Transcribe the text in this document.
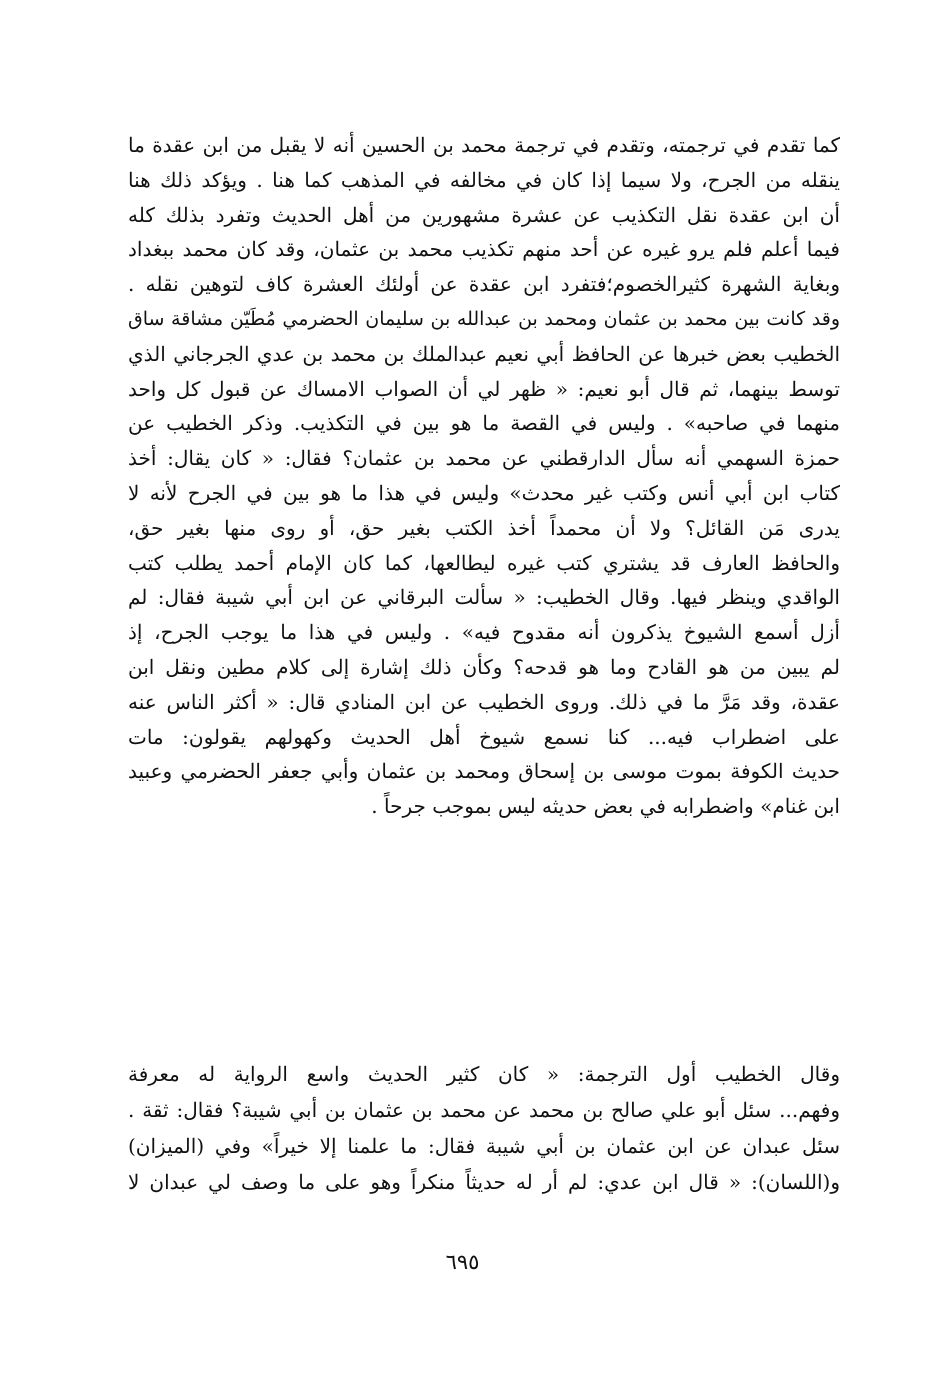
كما تقدم في ترجمته، وتقدم في ترجمة محمد بن الحسين أنه لا يقبل من ابن عقدة ما
ينقله من الجرح، ولا سيما إذا كان في مخالفه في المذهب كما هنا . ويؤكد ذلك هنا
أن ابن عقدة نقل التكذيب عن عشرة مشهورين من أهل الحديث وتفرد بذلك كله
فيما أعلم فلم يرو غيره عن أحد منهم تكذيب محمد بن عثمان، وقد كان محمد ببغداد
وبغاية الشهرة كثيرالخصوم؛فتفرد ابن عقدة عن أولئك العشرة كاف لتوهين نقله .
وقد كانت بين محمد بن عثمان ومحمد بن عبدالله بن سليمان الحضرمي مُطَيّن مشاقة ساق
الخطيب بعض خبرها عن الحافظ أبي نعيم عبدالملك بن محمد بن عدي الجرجاني الذي
توسط بينهما، ثم قال أبو نعيم: « ظهر لي أن الصواب الامساك عن قبول كل واحد
منهما في صاحبه» . وليس في القصة ما هو بين في التكذيب. وذكر الخطيب عن
حمزة السهمي أنه سأل الدارقطني عن محمد بن عثمان؟ فقال: « كان يقال: أخذ
كتاب ابن أبي أنس وكتب غير محدث» وليس في هذا ما هو بين في الجرح لأنه لا
يدرى مَن القائل؟ ولا أن محمداً أخذ الكتب بغير حق، أو روى منها بغير حق،
والحافظ العارف قد يشتري كتب غيره ليطالعها، كما كان الإمام أحمد يطلب كتب
الواقدي وينظر فيها. وقال الخطيب: « سألت البرقاني عن ابن أبي شيبة فقال: لم
أزل أسمع الشيوخ يذكرون أنه مقدوح فيه» . وليس في هذا ما يوجب الجرح، إذ
لم يبين من هو القادح وما هو قدحه؟ وكأن ذلك إشارة إلى كلام مطين ونقل ابن
عقدة، وقد مَرَّ ما في ذلك. وروى الخطيب عن ابن المنادي قال: « أكثر الناس عنه
على اضطراب فيه... كنا نسمع شيوخ أهل الحديث وكهولهم يقولون: مات
حديث الكوفة بموت موسى بن إسحاق ومحمد بن عثمان وأبي جعفر الحضرمي وعبيد
ابن غنام» واضطرابه في بعض حديثه ليس بموجب جرحاً .
وقال الخطيب أول الترجمة: « كان كثير الحديث واسع الرواية له معرفة
وفهم... سئل أبو علي صالح بن محمد عن محمد بن عثمان بن أبي شيبة؟ فقال: ثقة .
سئل عبدان عن ابن عثمان بن أبي شيبة فقال: ما علمنا إلا خيراً» وفي (الميزان)
و(اللسان): « قال ابن عدي: لم أر له حديثاً منكراً وهو على ما وصف لي عبدان لا
٦٩٥
